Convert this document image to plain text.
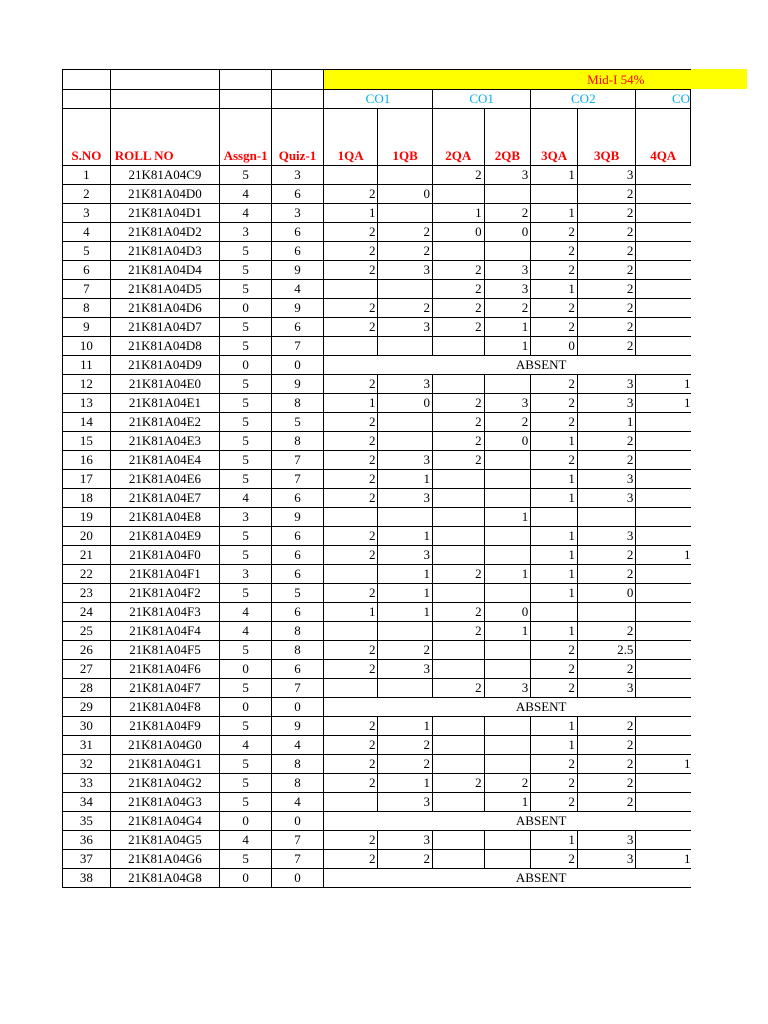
				Mid-I 54%						
				CO1		CO1		CO2		CO
S.NO	ROLL NO	Assgn-1	Quiz-1	1QA	1QB	2QA	2QB	3QA	3QB	4QA
1	21K81A04C9	5	3			2	3	1	3	
2	21K81A04D0	4	6	2	0				2	
3	21K81A04D1	4	3	1		1	2	1	2	
4	21K81A04D2	3	6	2	2	0	0	2	2	
5	21K81A04D3	5	6	2	2			2	2	
6	21K81A04D4	5	9	2	3	2	3	2	2	
7	21K81A04D5	5	4			2	3	1	2	
8	21K81A04D6	0	9	2	2	2	2	2	2	
9	21K81A04D7	5	6	2	3	2	1	2	2	
10	21K81A04D8	5	7				1	0	2	
11	21K81A04D9	0	0	ABSENT						
12	21K81A04E0	5	9	2	3			2	3	1
13	21K81A04E1	5	8	1	0	2	3	2	3	1
14	21K81A04E2	5	5	2		2	2	2	1	
15	21K81A04E3	5	8	2		2	0	1	2	
16	21K81A04E4	5	7	2	3	2		2	2	
17	21K81A04E6	5	7	2	1			1	3	
18	21K81A04E7	4	6	2	3			1	3	
19	21K81A04E8	3	9				1			
20	21K81A04E9	5	6	2	1			1	3	
21	21K81A04F0	5	6	2	3			1	2	1
22	21K81A04F1	3	6		1	2	1	1	2	
23	21K81A04F2	5	5	2	1			1	0	
24	21K81A04F3	4	6	1	1	2	0			
25	21K81A04F4	4	8			2	1	1	2	
26	21K81A04F5	5	8	2	2			2	2.5	
27	21K81A04F6	0	6	2	3			2	2	
28	21K81A04F7	5	7			2	3	2	3	
29	21K81A04F8	0	0	ABSENT						
30	21K81A04F9	5	9	2	1			1	2	
31	21K81A04G0	4	4	2	2			1	2	
32	21K81A04G1	5	8	2	2			2	2	1
33	21K81A04G2	5	8	2	1	2	2	2	2	
34	21K81A04G3	5	4		3		1	2	2	
35	21K81A04G4	0	0	ABSENT						
36	21K81A04G5	4	7	2	3			1	3	
37	21K81A04G6	5	7	2	2			2	3	1
38	21K81A04G8	0	0	ABSENT						
